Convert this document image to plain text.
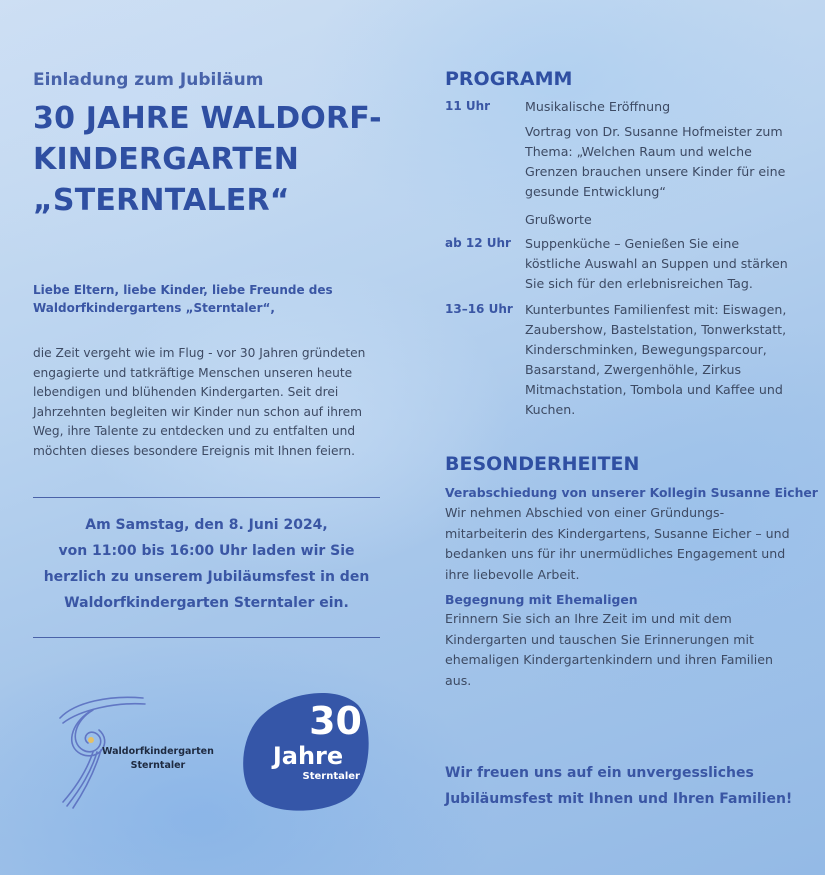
Einladung zum Jubiläum
30 JAHRE WALDORF-
KINDERGARTEN
„STERNTALER“
Liebe Eltern, liebe Kinder, liebe Freunde des Waldorfkindergartens „Sterntaler“,
die Zeit vergeht wie im Flug - vor 30 Jahren gründeten engagierte und tatkräftige Menschen unseren heute lebendigen und blühenden Kindergarten. Seit drei Jahrzehnten begleiten wir Kinder nun schon auf ihrem Weg, ihre Talente zu entdecken und zu entfalten und möchten dieses besondere Ereignis mit Ihnen feiern.
Am Samstag, den 8. Juni 2024,
von 11:00 bis 16:00 Uhr laden wir Sie
herzlich zu unserem Jubiläumsfest in den
Waldorfkindergarten Sterntaler ein.
Waldorfkindergarten
Sterntaler
30
Jahre
Sterntaler
PROGRAMM
11 Uhr	Musikalische Eröffnung
Vortrag von Dr. Susanne Hofmeister zum Thema: „Welchen Raum und welche Grenzen brauchen unsere Kinder für eine gesunde Entwicklung“
Grußworte
ab 12 Uhr Suppenküche – Genießen Sie eine köstliche Auswahl an Suppen und stärken Sie sich für den erlebnisreichen Tag.
13–16 Uhr Kunterbuntes Familienfest mit: Eiswagen, Zaubershow, Bastelstation, Tonwerkstatt, Kinderschminken, Bewegungsparcour, Basarstand, Zwergenhöhle, Zirkus Mitmachstation, Tombola und Kaffee und Kuchen.
BESONDERHEITEN
Verabschiedung von unserer Kollegin Susanne Eicher
Wir nehmen Abschied von einer Gründungs-mitarbeiterin des Kindergartens, Susanne Eicher – und bedanken uns für ihr unermüdliches Engagement und ihre liebevolle Arbeit.
Begegnung mit Ehemaligen
Erinnern Sie sich an Ihre Zeit im und mit dem Kindergarten und tauschen Sie Erinnerungen mit ehemaligen Kindergartenkindern und ihren Familien aus.
Wir freuen uns auf ein unvergessliches
Jubiläumsfest mit Ihnen und Ihren Familien!
